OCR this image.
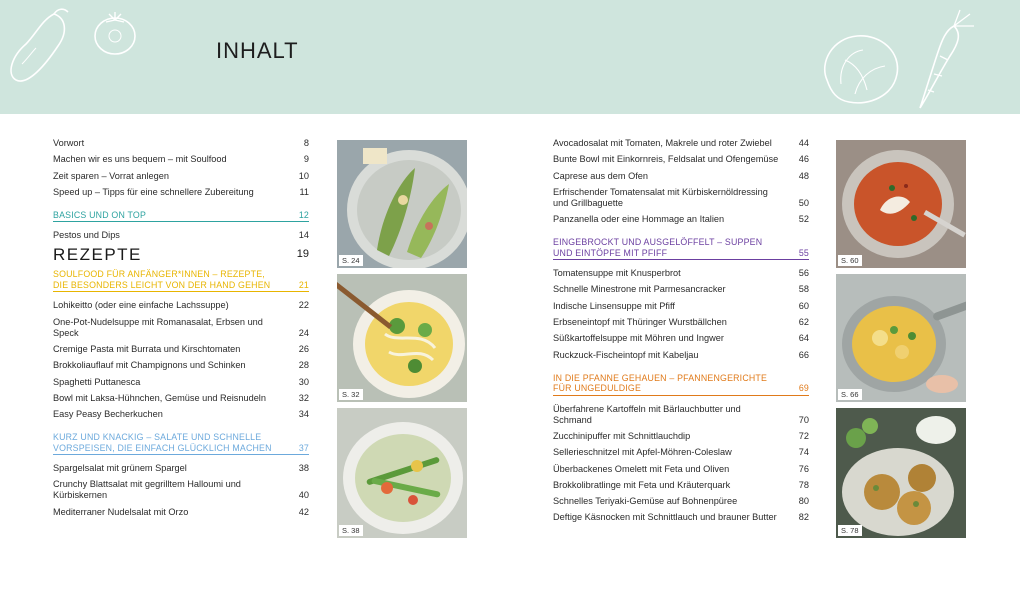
INHALT
Vorwort	8
Machen wir es uns bequem – mit Soulfood	9
Zeit sparen – Vorrat anlegen	10
Speed up – Tipps für eine schnellere Zubereitung	11
BASICS UND ON TOP	12
Pestos und Dips	14
REZEPTE	19
SOULFOOD FÜR ANFÄNGER*INNEN – REZEPTE, DIE BESONDERS LEICHT VON DER HAND GEHEN	21
Lohikeitto (oder eine einfache Lachssuppe)	22
One-Pot-Nudelsuppe mit Romanasalat, Erbsen und Speck	24
Cremige Pasta mit Burrata und Kirschtomaten	26
Brokkoliauflauf mit Champignons und Schinken	28
Spaghetti Puttanesca	30
Bowl mit Laksa-Hühnchen, Gemüse und Reisnudeln	32
Easy Peasy Becherkuchen	34
KURZ UND KNACKIG – SALATE UND SCHNELLE VORSPEISEN, DIE EINFACH GLÜCKLICH MACHEN	37
Spargelsalat mit grünem Spargel	38
Crunchy Blattsalat mit gegrilltem Halloumi und Kürbiskernen	40
Mediterraner Nudelsalat mit Orzo	42
S. 24
S. 32
S. 38
Avocadosalat mit Tomaten, Makrele und roter Zwiebel	44
Bunte Bowl mit Einkornreis, Feldsalat und Ofengemüse	46
Caprese aus dem Ofen	48
Erfrischender Tomatensalat mit Kürbiskernöldressing und Grillbaguette	50
Panzanella oder eine Hommage an Italien	52
EINGEBROCKT UND AUSGELÖFFELT – SUPPEN UND EINTÖPFE MIT PFIFF	55
Tomatensuppe mit Knusperbrot	56
Schnelle Minestrone mit Parmesancracker	58
Indische Linsensuppe mit Pfiff	60
Erbseneintopf mit Thüringer Wurstbällchen	62
Süßkartoffelsuppe mit Möhren und Ingwer	64
Ruckzuck-Fischeintopf mit Kabeljau	66
IN DIE PFANNE GEHAUEN – PFANNENGERICHTE FÜR UNGEDULDIGE	69
Überfahrene Kartoffeln mit Bärlauchbutter und Schmand	70
Zucchinipuffer mit Schnittlauchdip	72
Sellerieschnitzel mit Apfel-Möhren-Coleslaw	74
Überbackenes Omelett mit Feta und Oliven	76
Brokkolibratlinge mit Feta und Kräuterquark	78
Schnelles Teriyaki-Gemüse auf Bohnenpüree	80
Deftige Käsnocken mit Schnittlauch und brauner Butter	82
S. 60
S. 66
S. 78
